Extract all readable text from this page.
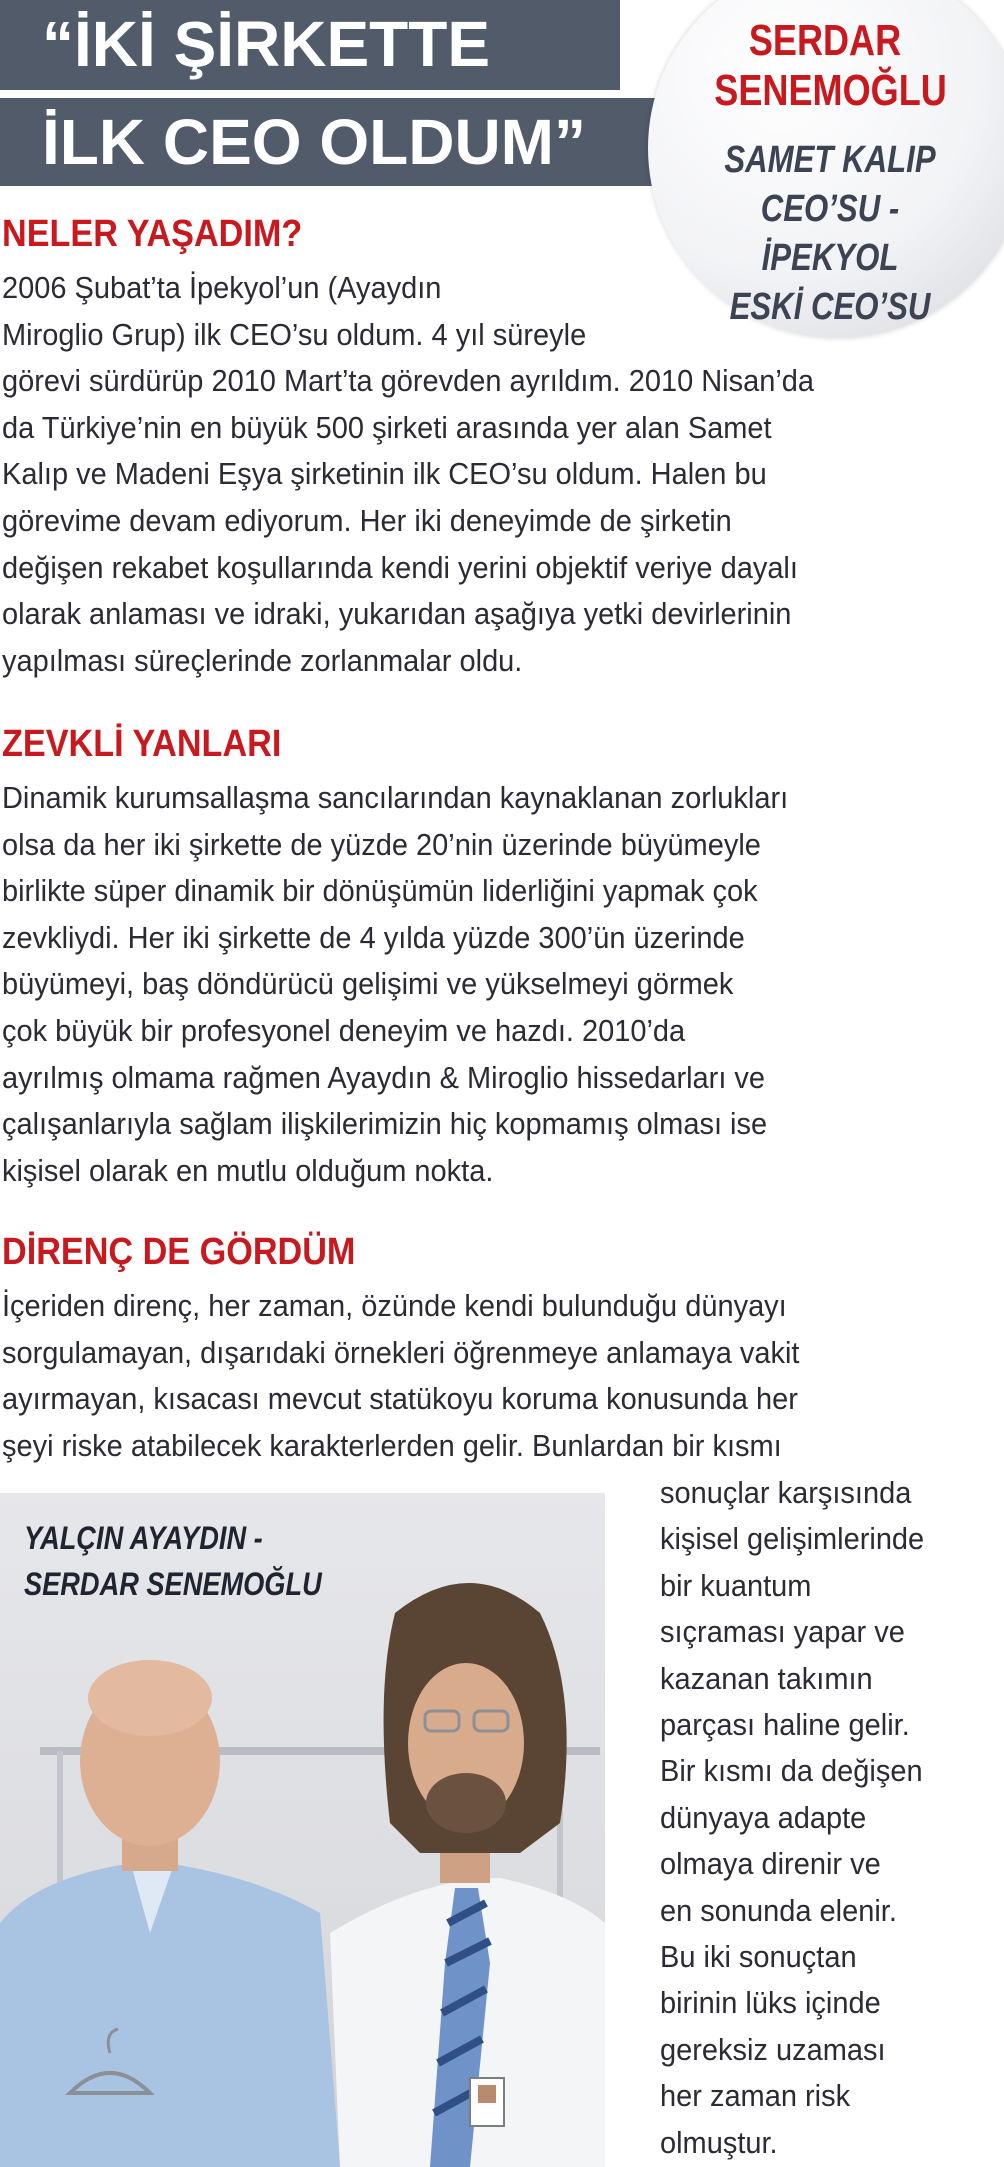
“İKİ ŞİRKETTE
İLK CEO OLDUM”
SERDAR
SENEMOĞLU
SAMET KALIP
CEO’SU - İPEKYOL
ESKİ CEO’SU
NELER YAŞADIM?
2006 Şubat’ta İpekyol’un (Ayaydın
Miroglio Grup) ilk CEO’su oldum. 4 yıl süreyle
görevi sürdürüp 2010 Mart’ta görevden ayrıldım. 2010 Nisan’da
da Türkiye’nin en büyük 500 şirketi arasında yer alan Samet
Kalıp ve Madeni Eşya şirketinin ilk CEO’su oldum. Halen bu
görevime devam ediyorum. Her iki deneyimde de şirketin
değişen rekabet koşullarında kendi yerini objektif veriye dayalı
olarak anlaması ve idraki, yukarıdan aşağıya yetki devirlerinin
yapılması süreçlerinde zorlanmalar oldu.
ZEVKLİ YANLARI
Dinamik kurumsallaşma sancılarından kaynaklanan zorlukları
olsa da her iki şirkette de yüzde 20’nin üzerinde büyümeyle
birlikte süper dinamik bir dönüşümün liderliğini yapmak çok
zevkliydi. Her iki şirkette de 4 yılda yüzde 300’ün üzerinde
büyümeyi, baş döndürücü gelişimi ve yükselmeyi görmek
çok büyük bir profesyonel deneyim ve hazdı. 2010’da
ayrılmış olmama rağmen Ayaydın & Miroglio hissedarları ve
çalışanlarıyla sağlam ilişkilerimizin hiç kopmamış olması ise
kişisel olarak en mutlu olduğum nokta.
DİRENÇ DE GÖRDÜM
İçeriden direnç, her zaman, özünde kendi bulunduğu dünyayı
sorgulamayan, dışarıdaki örnekleri öğrenmeye anlamaya vakit
ayırmayan, kısacası mevcut statükoyu koruma konusunda her
şeyi riske atabilecek karakterlerden gelir. Bunlardan bir kısmı
YALÇIN AYAYDIN -
SERDAR SENEMOĞLU
sonuçlar karşısında
kişisel gelişimlerinde
bir kuantum
sıçraması yapar ve
kazanan takımın
parçası haline gelir.
Bir kısmı da değişen
dünyaya adapte
olmaya direnir ve
en sonunda elenir.
Bu iki sonuçtan
birinin lüks içinde
gereksiz uzaması
her zaman risk
olmuştur.
